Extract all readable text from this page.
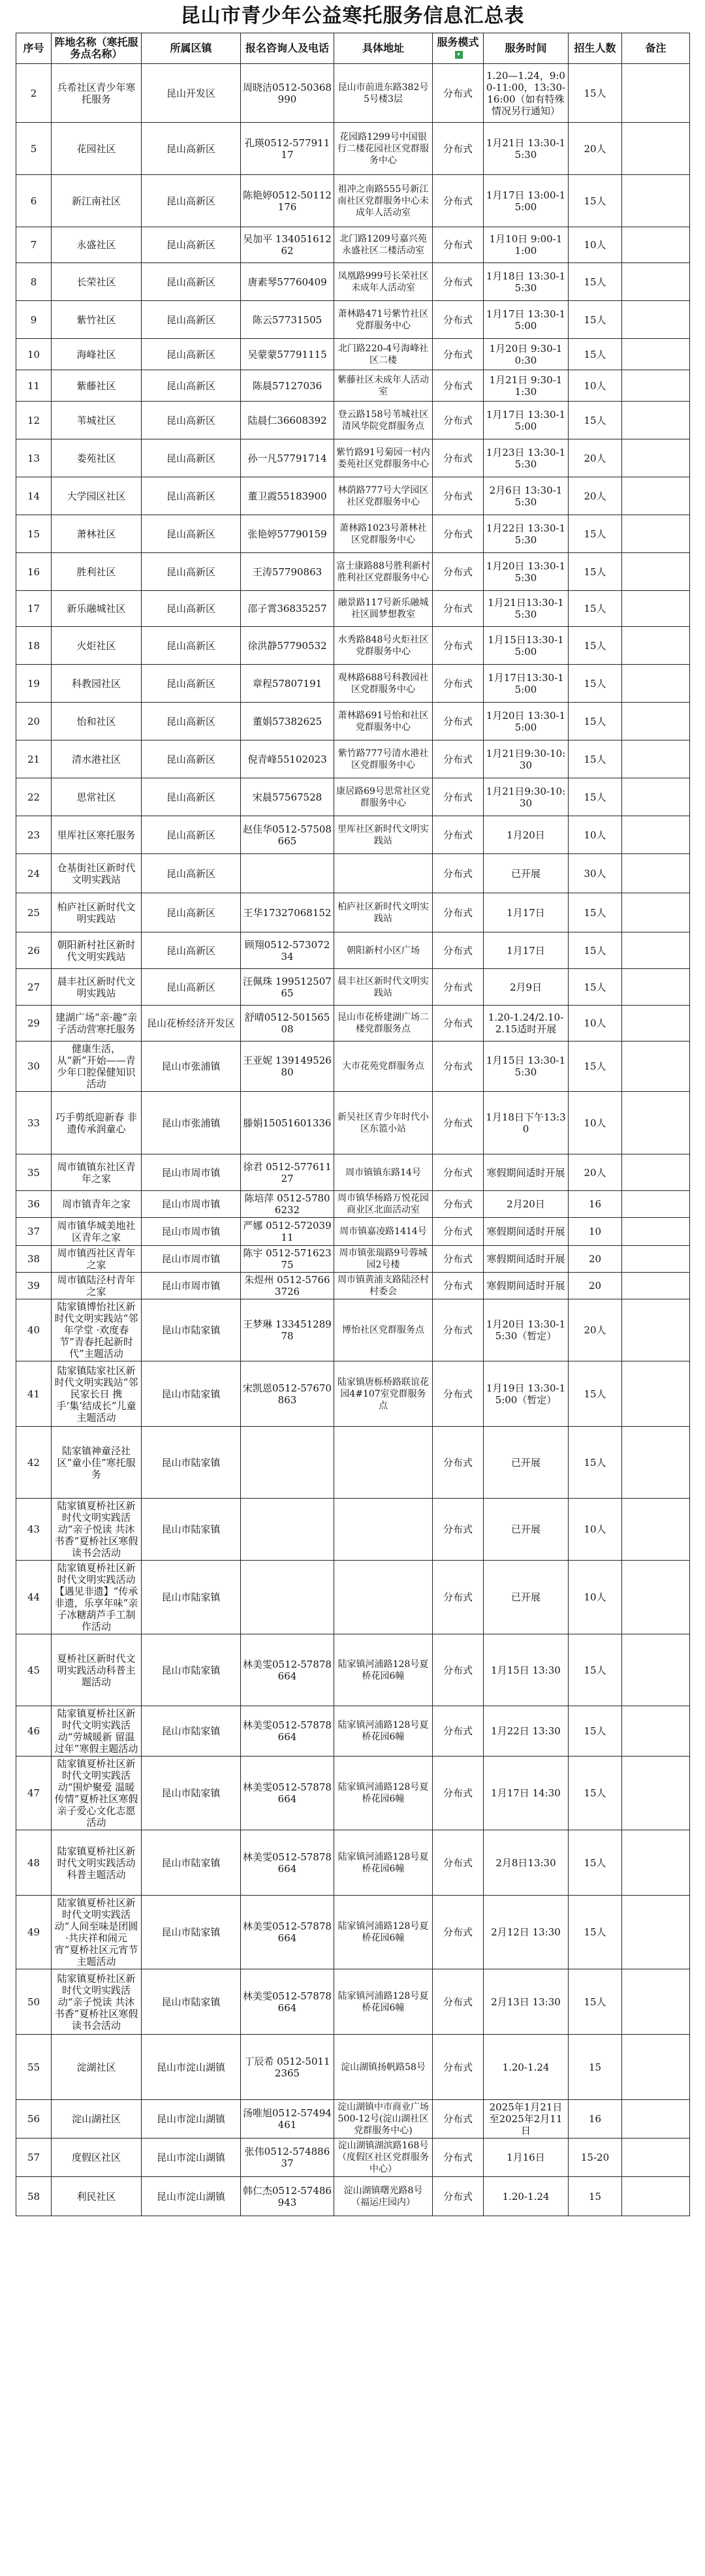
昆山市青少年公益寒托服务信息汇总表
序号	阵地名称（寒托服务点名称）	所属区镇	报名咨询人及电话	具体地址	服务模式▾	服务时间	招生人数	备注
2	兵希社区青少年寒托服务	昆山开发区	周晓洁0512-50368990	昆山市前进东路382号5号楼3层	分布式	1.20—1.24，9:00-11:00，13:30-16:00（如有特殊情况另行通知）	15人	
5	花园社区	昆山高新区	孔瑛0512-57791117	花园路1299号中国银行二楼花园社区党群服务中心	分布式	1月21日 13:30-15:30	20人	
6	新江南社区	昆山高新区	陈艳婷0512-50112176	祖冲之南路555号新江南社区党群服务中心未成年人活动室	分布式	1月17日 13:00-15:00	15人	
7	永盛社区	昆山高新区	吴加平 13405161262	北门路1209号嘉兴苑永盛社区二楼活动室	分布式	1月10日 9:00-11:00	10人	
8	长荣社区	昆山高新区	唐素琴57760409	凤凰路999号长荣社区未成年人活动室	分布式	1月18日 13:30-15:30	15人	
9	紫竹社区	昆山高新区	陈云57731505	萧林路471号紫竹社区党群服务中心	分布式	1月17日 13:30-15:00	15人	
10	海峰社区	昆山高新区	吴蒙蒙57791115	北门路220-4号海峰社区二楼	分布式	1月20日 9:30-10:30	15人	
11	紫藤社区	昆山高新区	陈晨57127036	紫藤社区未成年人活动室	分布式	1月21日 9:30-11:30	10人	
12	苇城社区	昆山高新区	陆晨仁36608392	登云路158号苇城社区清风华院党群服务点	分布式	1月17日 13:30-15:00	15人	
13	娄苑社区	昆山高新区	孙一凡57791714	紫竹路91号菊园一村内娄苑社区党群服务中心	分布式	1月23日 13:30-15:30	20人	
14	大学园区社区	昆山高新区	董卫霞55183900	林荫路777号大学园区社区党群服务中心	分布式	2月6日 13:30-15:30	20人	
15	萧林社区	昆山高新区	张艳婷57790159	萧林路1023号萧林社区党群服务中心	分布式	1月22日 13:30-15:30	15人	
16	胜利社区	昆山高新区	王涛57790863	富士康路88号胜利新村胜利社区党群服务中心	分布式	1月20日 13:30-15:30	15人	
17	新乐融城社区	昆山高新区	邵子霄36835257	融景路117号新乐融城社区圆梦想教室	分布式	1月21日13:30-15:30	15人	
18	火炬社区	昆山高新区	徐洪静57790532	水秀路848号火炬社区党群服务中心	分布式	1月15日13:30-15:00	15人	
19	科教园社区	昆山高新区	章程57807191	观林路688号科教园社区党群服务中心	分布式	1月17日13:30-15:00	15人	
20	怡和社区	昆山高新区	董娟57382625	萧林路691号怡和社区党群服务中心	分布式	1月20日 13:30-15:00	15人	
21	清水港社区	昆山高新区	倪青峰55102023	紫竹路777号清水港社区党群服务中心	分布式	1月21日9:30-10:30	15人	
22	思常社区	昆山高新区	宋晨57567528	康居路69号思常社区党群服务中心	分布式	1月21日9:30-10:30	15人	
23	里厍社区寒托服务	昆山高新区	赵佳华0512-57508665	里厍社区新时代文明实践站	分布式	1月20日	10人	
24	仓基街社区新时代文明实践站	昆山高新区			分布式	已开展	30人	
25	柏庐社区新时代文明实践站	昆山高新区	王华17327068152	柏庐社区新时代文明实践站	分布式	1月17日	15人	
26	朝阳新村社区新时代文明实践站	昆山高新区	顾翔0512-57307234	朝阳新村小区广场	分布式	1月17日	15人	
27	晨丰社区新时代文明实践站	昆山高新区	汪佩珠 19951250765	晨丰社区新时代文明实践站	分布式	2月9日	15人	
29	建湖广场“亲·趣”亲子活动营寒托服务	昆山花桥经济开发区	舒晴0512-50156508	昆山市花桥建湖广场二楼党群服务点	分布式	1.20-1.24/2.10-2.15适时开展	10人	
30	健康生活，从“新”开始——青少年口腔保健知识活动	昆山市张浦镇	王亚妮 13914952680	大市花苑党群服务点	分布式	1月15日 13:30-15:30	15人	
33	巧手剪纸迎新春 非遗传承润童心	昆山市张浦镇	滕娟15051601336	新吴社区青少年时代小区东篮小站	分布式	1月18日下午13:30	10人	
35	周市镇镇东社区青年之家	昆山市周市镇	徐君 0512-57761127	周市镇镇东路14号	分布式	寒假期间适时开展	20人	
36	周市镇青年之家	昆山市周市镇	陈培萍 0512-57806232	周市镇华杨路万悦花园商业区北面活动室	分布式	2月20日	16	
37	周市镇华城美地社区青年之家	昆山市周市镇	严娜 0512-57203911	周市镇嘉凌路1414号	分布式	寒假期间适时开展	10	
38	周市镇西社区青年之家	昆山市周市镇	陈宇 0512-57162375	周市镇张瑞路9号蓉城园2号楼	分布式	寒假期间适时开展	20	
39	周市镇陆泾村青年之家	昆山市周市镇	朱煜州 0512-57663726	周市镇黄浦支路陆泾村村委会	分布式	寒假期间适时开展	20	
40	陆家镇博怡社区新时代文明实践站“邻年学堂 ·欢度春节”青春托起新时代”主题活动	昆山市陆家镇	王梦琳 13345128978	博怡社区党群服务点	分布式	1月20日 13:30-15:30（暂定）	20人	
41	陆家镇陆家社区新时代文明实践站“邻民家长日 携手‘集’结成长”儿童主题活动	昆山市陆家镇	宋凯恩0512-57670863	陆家镇唐栎桥路联谊花园4#107室党群服务点	分布式	1月19日 13:30-15:00（暂定）	15人	
42	陆家镇神童泾社区“童小佳”寒托服务	昆山市陆家镇			分布式	已开展	15人	
43	陆家镇夏桥社区新时代文明实践活动“亲子悦读 共沐书香”夏桥社区寒假读书会活动	昆山市陆家镇			分布式	已开展	10人	
44	陆家镇夏桥社区新时代文明实践活动【遇见非遗】“传承非遗，乐享年味”亲子冰糖葫芦手工制作活动	昆山市陆家镇			分布式	已开展	10人	
45	夏桥社区新时代文明实践活动科普主题活动	昆山市陆家镇	林美雯0512-57878664	陆家镇河浦路128号夏桥花园6幢	分布式	1月15日 13:30	15人	
46	陆家镇夏桥社区新时代文明实践活动“劳城暖新 留温过年”寒假主题活动	昆山市陆家镇	林美雯0512-57878664	陆家镇河浦路128号夏桥花园6幢	分布式	1月22日 13:30	15人	
47	陆家镇夏桥社区新时代文明实践活动“围炉聚爱 温暖传情”夏桥社区寒假亲子爱心文化志愿活动	昆山市陆家镇	林美雯0512-57878664	陆家镇河浦路128号夏桥花园6幢	分布式	1月17日 14:30	15人	
48	陆家镇夏桥社区新时代文明实践活动科普主题活动	昆山市陆家镇	林美雯0512-57878664	陆家镇河浦路128号夏桥花园6幢	分布式	2月8日13:30	15人	
49	陆家镇夏桥社区新时代文明实践活动“人间至味是团圆·共庆祥和闹元宵”夏桥社区元宵节主题活动	昆山市陆家镇	林美雯0512-57878664	陆家镇河浦路128号夏桥花园6幢	分布式	2月12日 13:30	15人	
50	陆家镇夏桥社区新时代文明实践活动“亲子悦读 共沐书香”夏桥社区寒假读书会活动	昆山市陆家镇	林美雯0512-57878664	陆家镇河浦路128号夏桥花园6幢	分布式	2月13日 13:30	15人	
55	淀湖社区	昆山市淀山湖镇	丁辰希 0512-50112365	淀山湖镇扬帆路58号	分布式	1.20-1.24	15	
56	淀山湖社区	昆山市淀山湖镇	汤唯旭0512-57494461	淀山湖镇中市商业广场500-12号(淀山湖社区党群服务中心)	分布式	2025年1月21日至2025年2月11日	16	
57	度假区社区	昆山市淀山湖镇	张伟0512-57488637	淀山湖镇湖滨路168号（度假区社区党群服务中心）	分布式	1月16日	15-20	
58	利民社区	昆山市淀山湖镇	韩仁杰0512-57486943	淀山湖镇曙光路8号（福运庄园内）	分布式	1.20-1.24	15	
